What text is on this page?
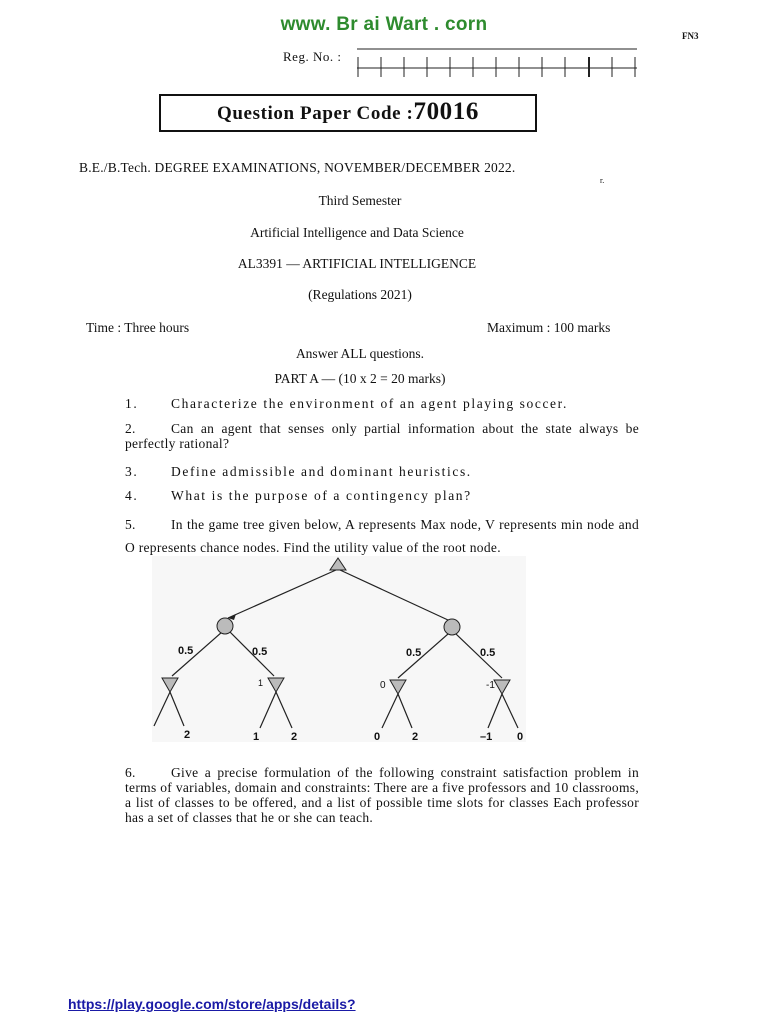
www. Br ai Wart . corn
FN3
Reg. No. :
Question Paper Code :70016
B.E./B.Tech. DEGREE EXAMINATIONS, NOVEMBER/DECEMBER 2022.
r.
Third Semester
Artificial Intelligence and Data Science
AL3391 — ARTIFICIAL INTELLIGENCE
(Regulations 2021)
Time : Three hours	Maximum : 100 marks
Answer ALL questions.
PART A — (10 x 2 = 20 marks)
1. Characterize the environment of an agent playing soccer.
2.	Can an agent that senses only partial information about the state always be perfectly rational?
3. Define admissible and dominant heuristics.
4. What is the purpose of a contingency plan?
5.	In the game tree given below, A represents Max node, V represents min node and O represents chance nodes. Find the utility value of the root node.
0.5	0.5	0.5	0.5
1	0	-1
2	1	2	0	2	–1 0
6.	Give a precise formulation of the following constraint satisfaction problem in terms of variables, domain and constraints: There are a five professors and 10 classrooms, a list of classes to be offered, and a list of possible time slots for classes Each professor has a set of classes that he or she can teach.
https://play.google.com/store/apps/details?
